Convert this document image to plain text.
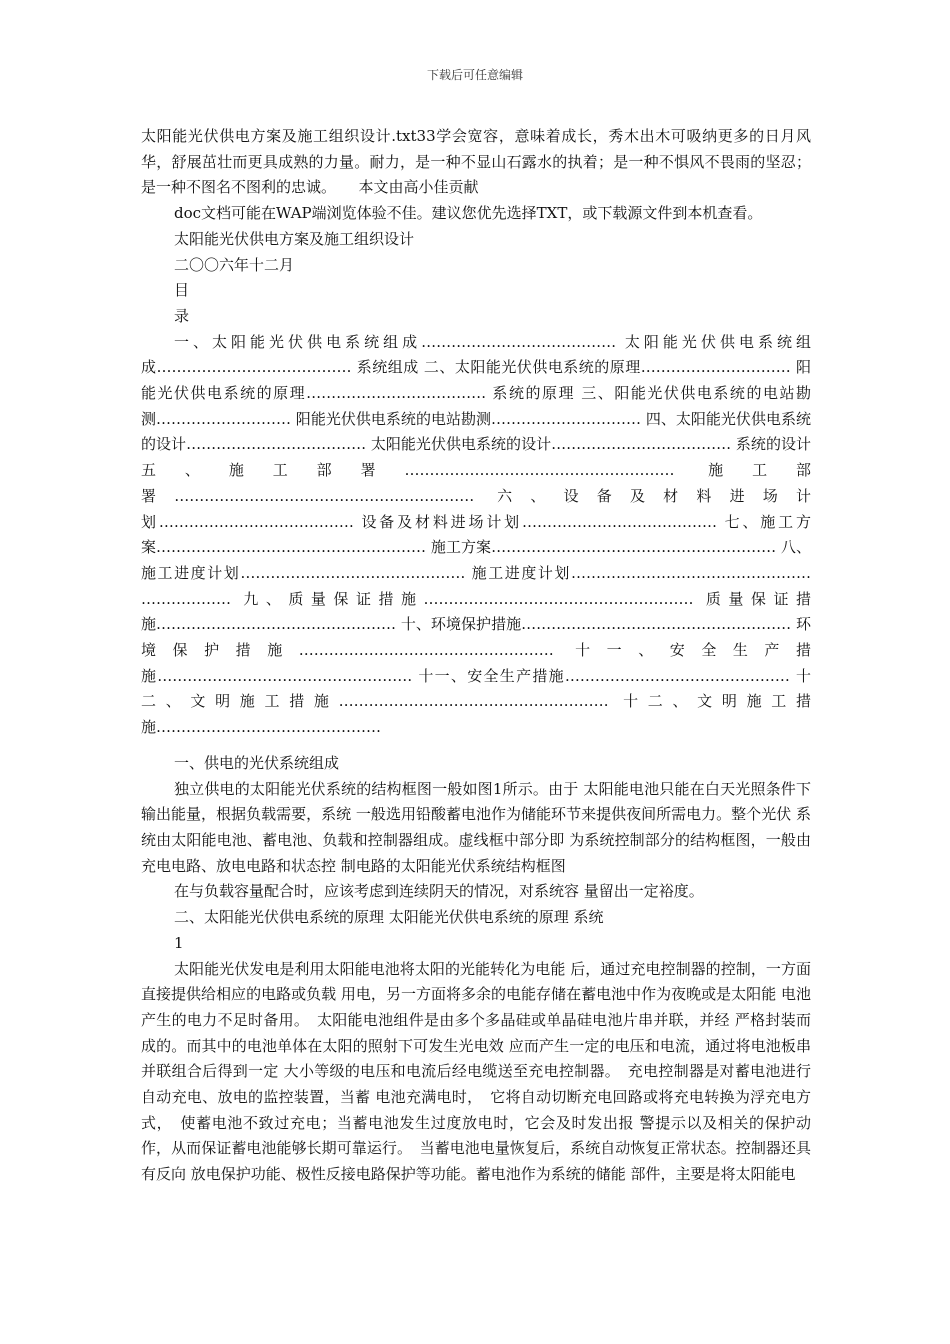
下载后可任意编辑

太阳能光伏供电方案及施工组织设计.txt33学会宽容，意味着成长，秀木出木可吸纳更多的日月风华，舒展茁壮而更具成熟的力量。耐力，是一种不显山石露水的执着；是一种不惧风不畏雨的坚忍；是一种不图名不图利的忠诚。　　本文由高小佳贡献

doc文档可能在WAP端浏览体验不佳。建议您优先选择TXT，或下载源文件到本机查看。

太阳能光伏供电方案及施工组织设计

二〇〇六年十二月

目

录

一、太阳能光伏供电系统组成………………………………… 太阳能光伏供电系统组成………………………………… 系统组成 二、太阳能光伏供电系统的原理………………………… 阳能光伏供电系统的原理……………………………… 系统的原理 三、阳能光伏供电系统的电站勘测……………………… 阳能光伏供电系统的电站勘测………………………… 四、太阳能光伏供电系统的设计……………………………… 太阳能光伏供电系统的设计……………………………… 系统的设计 五、施工部署……………………………………………… 施工部署…………………………………………………… 六、设备及材料进场计划………………………………… 设备及材料进场计划………………………………… 七、施工方案……………………………………………… 施工方案………………………………………………… 八、施工进度计划……………………………………… 施工进度计划………………………………………… ……………… 九、质量保证措施……………………………………………… 质量保证措施………………………………………… 十、环境保护措施……………………………………………… 环境保护措施…………………………………………… 十一、安全生产措施…………………………………………… 十一、安全生产措施……………………………………… 十二、文明施工措施……………………………………………… 十二、文明施工措施………………………………………

一、供电的光伏系统组成

独立供电的太阳能光伏系统的结构框图一般如图1所示。由于 太阳能电池只能在白天光照条件下输出能量，根据负载需要，系统 一般选用铅酸蓄电池作为储能环节来提供夜间所需电力。整个光伏 系统由太阳能电池、蓄电池、负载和控制器组成。虚线框中部分即 为系统控制部分的结构框图，一般由充电电路、放电电路和状态控 制电路的太阳能光伏系统结构框图

在与负载容量配合时，应该考虑到连续阴天的情况，对系统容 量留出一定裕度。

二、太阳能光伏供电系统的原理 太阳能光伏供电系统的原理 系统

1

太阳能光伏发电是利用太阳能电池将太阳的光能转化为电能 后，通过充电控制器的控制，一方面直接提供给相应的电路或负载 用电，另一方面将多余的电能存储在蓄电池中作为夜晚或是太阳能 电池产生的电力不足时备用。　太阳能电池组件是由多个多晶硅或单晶硅电池片串并联，并经 严格封装而成的。而其中的电池单体在太阳的照射下可发生光电效 应而产生一定的电压和电流，通过将电池板串并联组合后得到一定 大小等级的电压和电流后经电缆送至充电控制器。　充电控制器是对蓄电池进行自动充电、放电的监控装置，当蓄 电池充满电时，　它将自动切断充电回路或将充电转换为浮充电方式，　使蓄电池不致过充电；当蓄电池发生过度放电时，它会及时发出报 警提示以及相关的保护动作，从而保证蓄电池能够长期可靠运行。　当蓄电池电量恢复后，系统自动恢复正常状态。控制器还具有反向 放电保护功能、极性反接电路保护等功能。蓄电池作为系统的储能 部件，主要是将太阳能电
